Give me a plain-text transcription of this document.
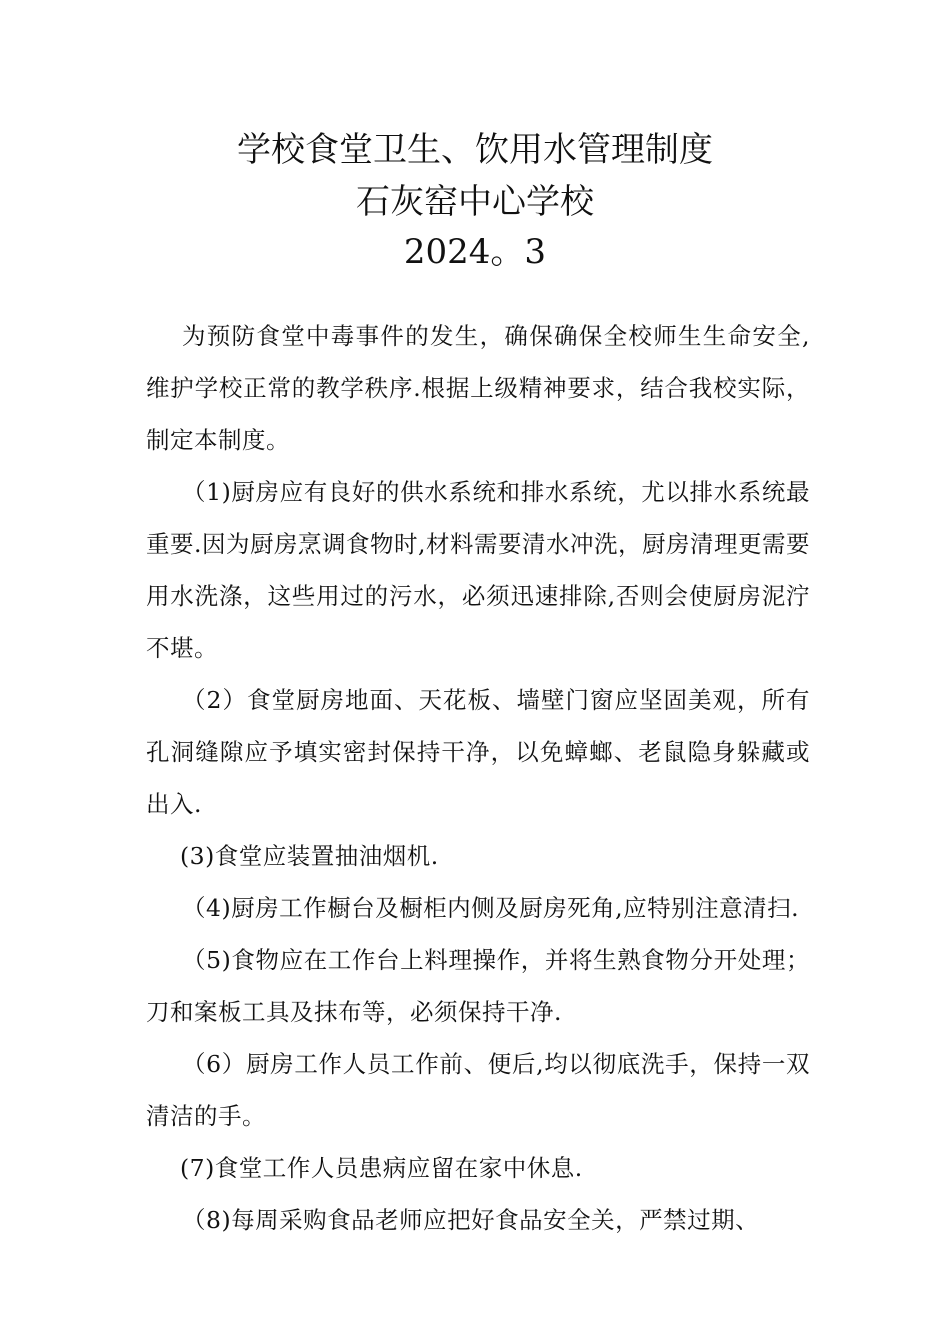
学校食堂卫生、饮用水管理制度
石灰窑中心学校
2024。3

为预防食堂中毒事件的发生，确保确保全校师生生命安全,维护学校正常的教学秩序.根据上级精神要求，结合我校实际，制定本制度。

（1)厨房应有良好的供水系统和排水系统，尤以排水系统最重要.因为厨房烹调食物时,材料需要清水冲洗，厨房清理更需要用水洗涤，这些用过的污水，必须迅速排除,否则会使厨房泥泞不堪。

（2）食堂厨房地面、天花板、墙壁门窗应坚固美观，所有孔洞缝隙应予填实密封保持干净，以免蟑螂、老鼠隐身躲藏或出入.

(3)食堂应装置抽油烟机.

（4)厨房工作橱台及橱柜内侧及厨房死角,应特别注意清扫.

（5)食物应在工作台上料理操作，并将生熟食物分开处理；刀和案板工具及抹布等，必须保持干净.

（6）厨房工作人员工作前、便后,均以彻底洗手，保持一双清洁的手。

(7)食堂工作人员患病应留在家中休息.

（8)每周采购食品老师应把好食品安全关，严禁过期、
